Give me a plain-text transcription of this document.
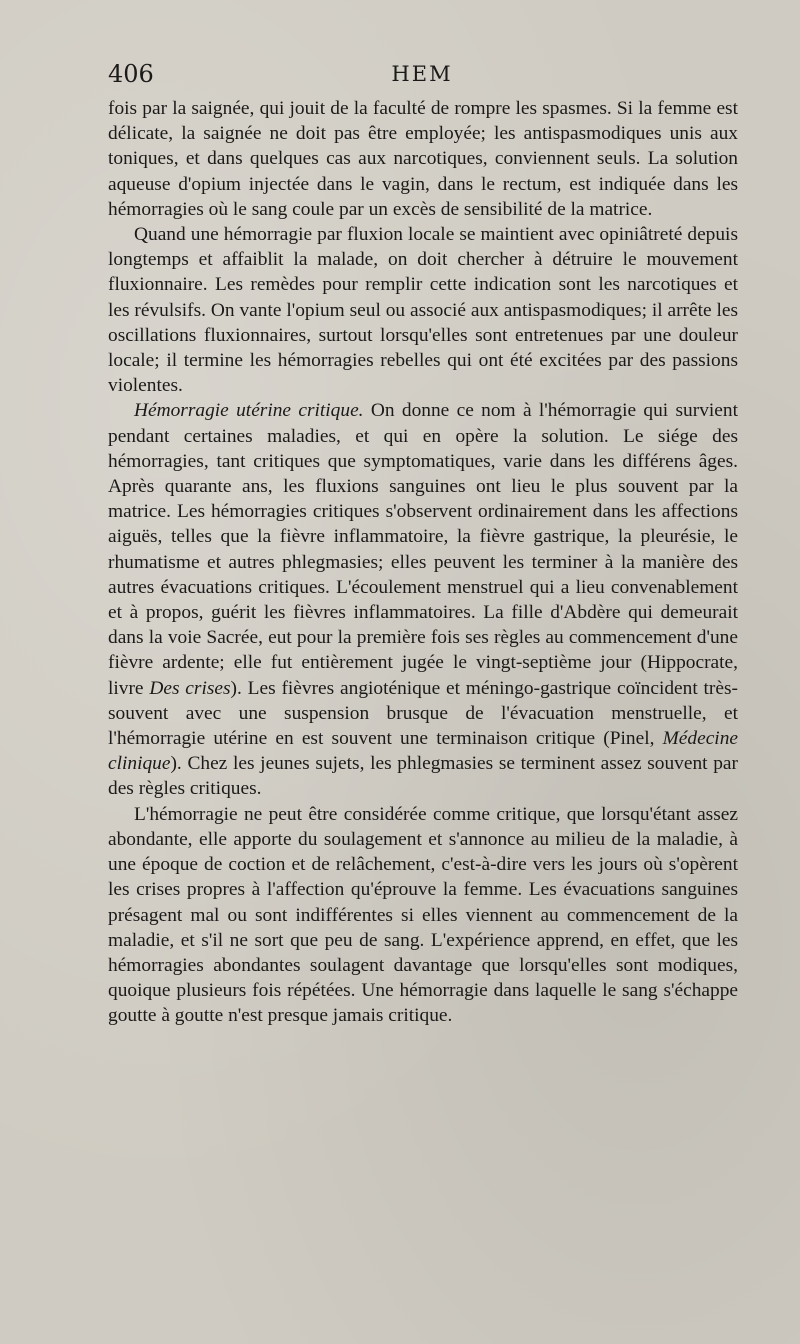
406	HEM

fois par la saignée, qui jouit de la faculté de rompre les spasmes. Si la femme est délicate, la saignée ne doit pas être employée; les antispasmodiques unis aux toniques, et dans quelques cas aux narcotiques, conviennent seuls. La solution aqueuse d'opium injectée dans le vagin, dans le rectum, est indiquée dans les hémorragies où le sang coule par un excès de sensibilité de la matrice.

Quand une hémorragie par fluxion locale se maintient avec opiniâtreté depuis longtemps et affaiblit la malade, on doit chercher à détruire le mouvement fluxionnaire. Les remèdes pour remplir cette indication sont les narcotiques et les révulsifs. On vante l'opium seul ou associé aux antispasmodiques; il arrête les oscillations fluxionnaires, surtout lorsqu'elles sont entretenues par une douleur locale; il termine les hémorragies rebelles qui ont été excitées par des passions violentes.

Hémorragie utérine critique. On donne ce nom à l'hémorragie qui survient pendant certaines maladies, et qui en opère la solution. Le siége des hémorragies, tant critiques que symptomatiques, varie dans les différens âges. Après quarante ans, les fluxions sanguines ont lieu le plus souvent par la matrice. Les hémorragies critiques s'observent ordinairement dans les affections aiguës, telles que la fièvre inflammatoire, la fièvre gastrique, la pleurésie, le rhumatisme et autres phlegmasies; elles peuvent les terminer à la manière des autres évacuations critiques. L'écoulement menstruel qui a lieu convenablement et à propos, guérit les fièvres inflammatoires. La fille d'Abdère qui demeurait dans la voie Sacrée, eut pour la première fois ses règles au commencement d'une fièvre ardente; elle fut entièrement jugée le vingt-septième jour (Hippocrate, livre Des crises). Les fièvres angioténique et méningo-gastrique coïncident très-souvent avec une suspension brusque de l'évacuation menstruelle, et l'hémorragie utérine en est souvent une terminaison critique (Pinel, Médecine clinique). Chez les jeunes sujets, les phlegmasies se terminent assez souvent par des règles critiques.

L'hémorragie ne peut être considérée comme critique, que lorsqu'étant assez abondante, elle apporte du soulagement et s'annonce au milieu de la maladie, à une époque de coction et de relâchement, c'est-à-dire vers les jours où s'opèrent les crises propres à l'affection qu'éprouve la femme. Les évacuations sanguines présagent mal ou sont indifférentes si elles viennent au commencement de la maladie, et s'il ne sort que peu de sang. L'expérience apprend, en effet, que les hémorragies abondantes soulagent davantage que lorsqu'elles sont modiques, quoique plusieurs fois répétées. Une hémorragie dans laquelle le sang s'échappe goutte à goutte n'est presque jamais critique.
